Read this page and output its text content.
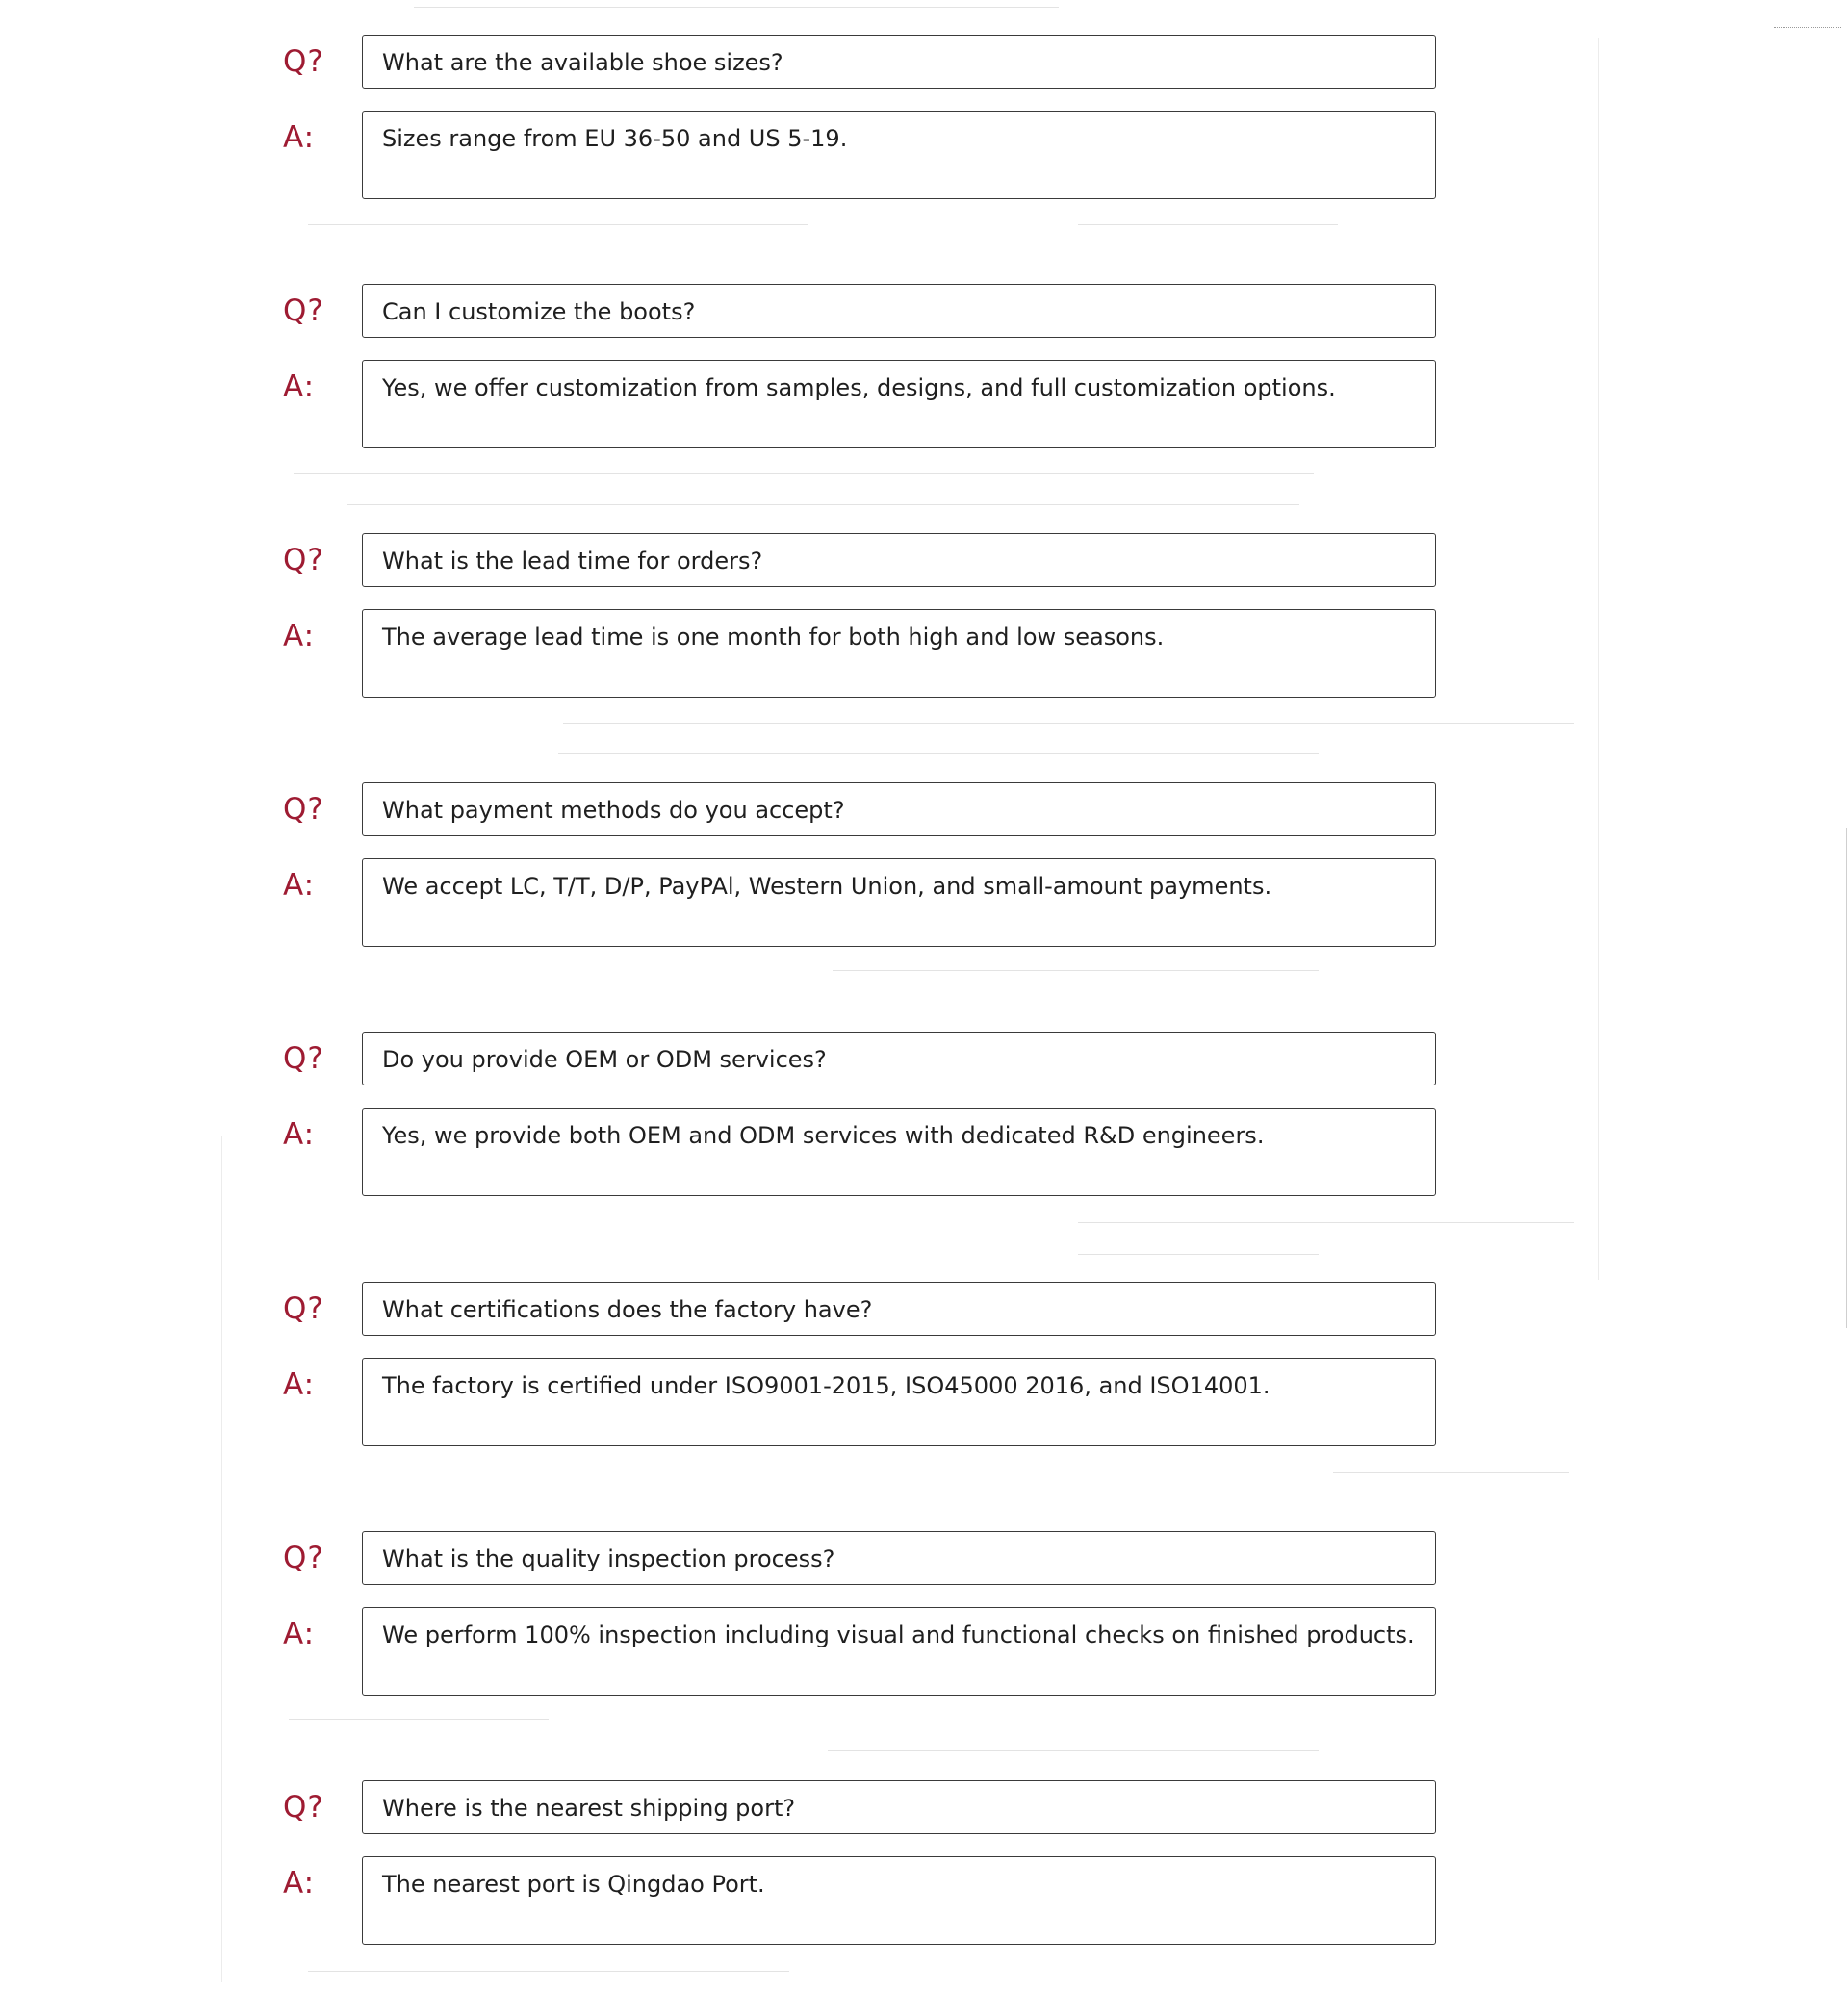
Q?	What are the available shoe sizes?
A:	Sizes range from EU 36-50 and US 5-19.
Q?	Can I customize the boots?
A:	Yes, we offer customization from samples, designs, and full customization options.
Q?	What is the lead time for orders?
A:	The average lead time is one month for both high and low seasons.
Q?	What payment methods do you accept?
A:	We accept LC, T/T, D/P, PayPAl, Western Union, and small-amount payments.
Q?	Do you provide OEM or ODM services?
A:	Yes, we provide both OEM and ODM services with dedicated R&D engineers.
Q?	What certifications does the factory have?
A:	The factory is certified under ISO9001-2015, ISO45000 2016, and ISO14001.
Q?	What is the quality inspection process?
A:	We perform 100% inspection including visual and functional checks on finished products.
Q?	Where is the nearest shipping port?
A:	The nearest port is Qingdao Port.
